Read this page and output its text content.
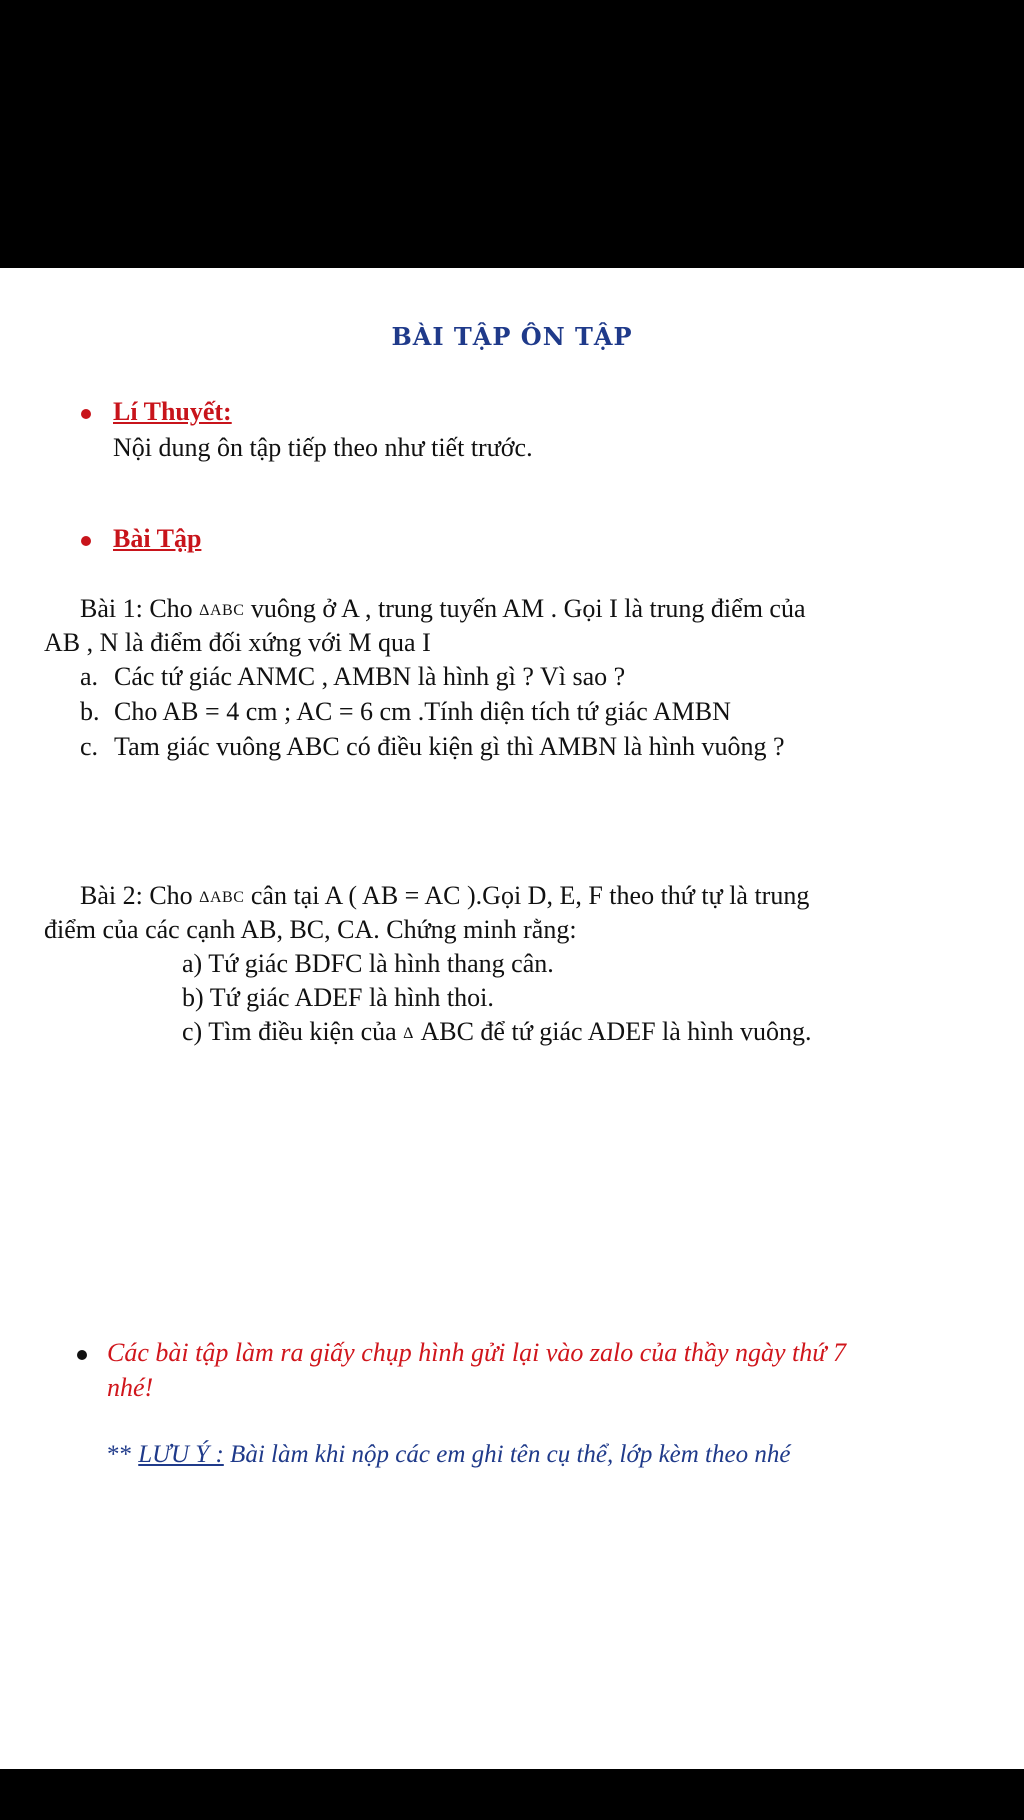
BÀI TẬP ÔN TẬP
Lí Thuyết:
Nội dung ôn tập tiếp theo như tiết trước.
Bài Tập
Bài 1: Cho ΔABC vuông ở A , trung tuyến AM . Gọi I là trung điểm của
AB , N là điểm đối xứng với M qua I
a. Các tứ giác ANMC , AMBN là hình gì ? Vì sao ?
b. Cho AB = 4 cm ; AC = 6 cm .Tính diện tích tứ giác AMBN
c. Tam giác vuông ABC có điều kiện gì thì AMBN là hình vuông ?
Bài 2: Cho ΔABC cân tại A ( AB = AC ).Gọi D, E, F theo thứ tự là trung
điểm của các cạnh AB, BC, CA. Chứng minh rằng:
a) Tứ giác BDFC là hình thang cân.
b) Tứ giác ADEF là hình thoi.
c) Tìm điều kiện của Δ ABC để tứ giác ADEF là hình vuông.
Các bài tập làm ra giấy chụp hình gửi lại vào zalo của thầy ngày thứ 7
nhé!
** LƯU Ý : Bài làm khi nộp các em ghi tên cụ thể, lớp kèm theo nhé
